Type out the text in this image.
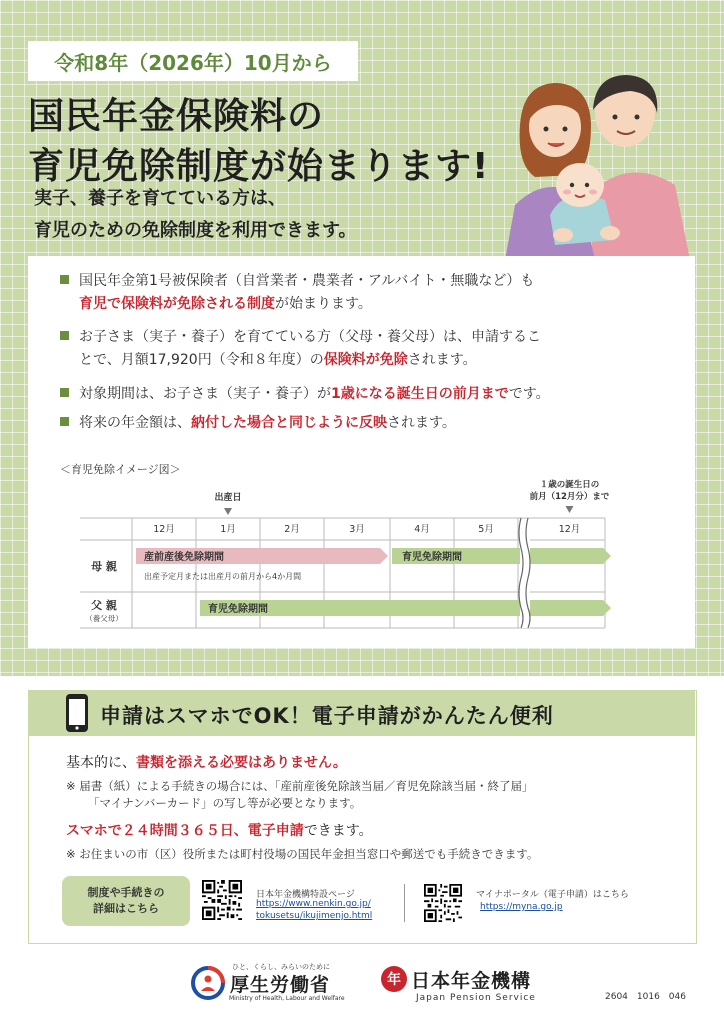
令和8年（2026年）10月から
国民年金保険料の
育児免除制度が始まります!
実子、養子を育てている方は、
育児のための免除制度を利用できます。
国民年金第1号被保険者（自営業者・農業者・アルバイト・無職など）も
育児で保険料が免除される制度が始まります。
お子さま（実子・養子）を育てている方（父母・養父母）は、申請するこ
とで、月額17,920円（令和８年度）の保険料が免除されます。
対象期間は、お子さま（実子・養子）が1歳になる誕生日の前月までです。
将来の年金額は、納付した場合と同じように反映されます。
＜育児免除イメージ図＞
12月	1月	2月	3月	4月	5月	12月
出産日
１歳の誕生日の
前月（12月分）まで
母 親
父 親
（養父母）
産前産後免除期間
出産予定月または出産月の前月から4か月間
育児免除期間
育児免除期間
申請はスマホでOK！電子申請がかんたん便利
基本的に、書類を添える必要はありません。
※ 届書（紙）による手続きの場合には、「産前産後免除該当届／育児免除該当届・終了届」
「マイナンバーカード」の写し等が必要となります。
スマホで２４時間３６５日、電子申請できます。
※ お住まいの市（区）役所または町村役場の国民年金担当窓口や郵送でも手続きできます。
制度や手続きの
詳細はこちら
日本年金機構特設ページ
https://www.nenkin.go.jp/
tokusetsu/ikujimenjo.html
マイナポータル（電子申請）はこちら
https://myna.go.jp
ひと、くらし、みらいのために
厚生労働省
Ministry of Health, Labour and Welfare
年 日本年金機構
Japan Pension Service	2604　1016　046
